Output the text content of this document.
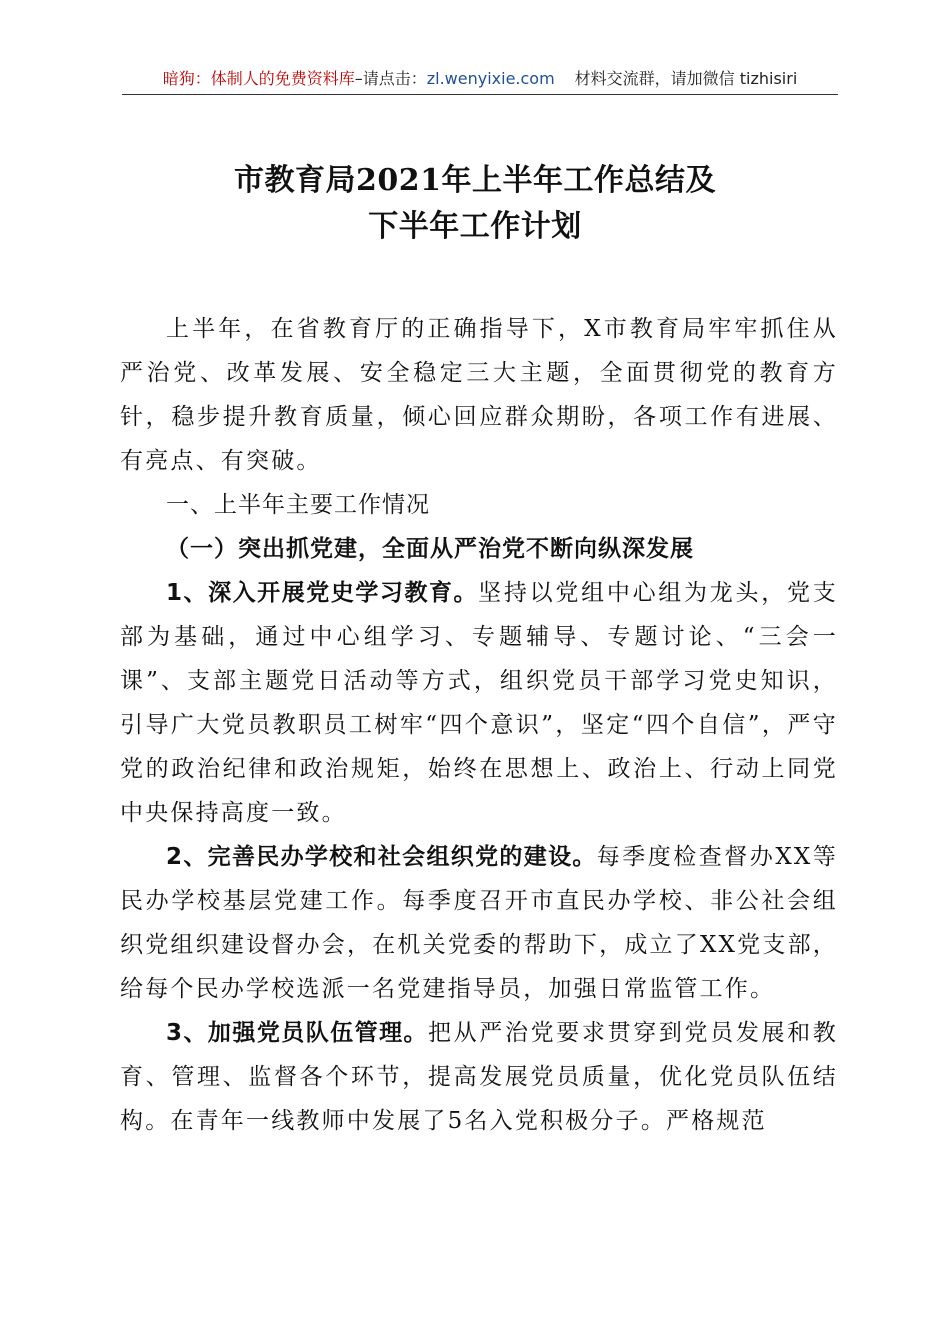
暗狗：体制人的免费资料库–请点击：zl.wenyixie.com 材料交流群，请加微信 tizhisiri
市教育局2021年上半年工作总结及
下半年工作计划

上半年，在省教育厅的正确指导下，X市教育局牢牢抓住从严治党、改革发展、安全稳定三大主题，全面贯彻党的教育方针，稳步提升教育质量，倾心回应群众期盼，各项工作有进展、有亮点、有突破。

一、上半年主要工作情况

（一）突出抓党建，全面从严治党不断向纵深发展

1、深入开展党史学习教育。坚持以党组中心组为龙头，党支部为基础，通过中心组学习、专题辅导、专题讨论、“三会一课”、支部主题党日活动等方式，组织党员干部学习党史知识，引导广大党员教职员工树牢“四个意识”，坚定“四个自信”，严守党的政治纪律和政治规矩，始终在思想上、政治上、行动上同党中央保持高度一致。

2、完善民办学校和社会组织党的建设。每季度检查督办XX等民办学校基层党建工作。每季度召开市直民办学校、非公社会组织党组织建设督办会，在机关党委的帮助下，成立了XX党支部，给每个民办学校选派一名党建指导员，加强日常监管工作。

3、加强党员队伍管理。把从严治党要求贯穿到党员发展和教育、管理、监督各个环节，提高发展党员质量，优化党员队伍结构。在青年一线教师中发展了5名入党积极分子。严格规范
